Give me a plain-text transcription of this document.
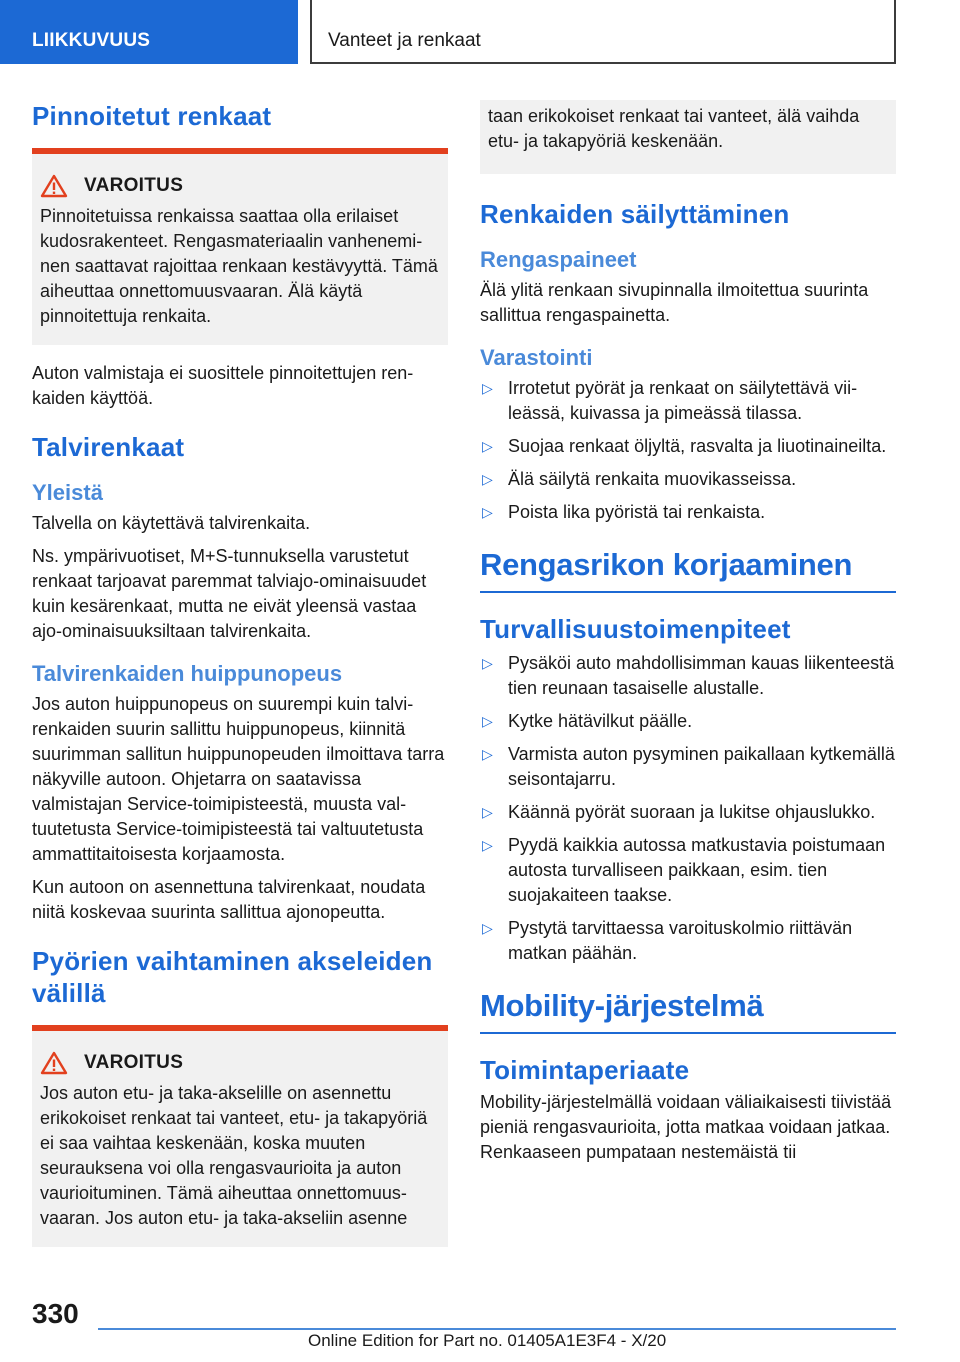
LIIKKUVUUS	Vanteet ja renkaat
Pinnoitetut renkaat
VAROITUS

Pinnoitetuissa renkaissa saattaa olla erilaiset kudosrakenteet. Rengasmateriaalin vanheneminen saattavat rajoittaa renkaan kestävyyttä. Tämä aiheuttaa onnettomuusvaaran. Älä käytä pinnoitettuja renkaita.

Auton valmistaja ei suosittele pinnoitettujen renkaiden käyttöä.

Talvirenkaat
Yleistä

Talvella on käytettävä talvirenkaita.

Ns. ympärivuotiset, M+S-tunnuksella varustetut renkaat tarjoavat paremmat talviajo-ominaisuudet kuin kesärenkaat, mutta ne eivät yleensä vastaa ajo-ominaisuuksiltaan talvirenkaita.

Talvirenkaiden huippunopeus

Jos auton huippunopeus on suurempi kuin talvirenkaiden suurin sallittu huippunopeus, kiinnitä suurimman sallitun huippunopeuden ilmoittava tarra näkyville autoon. Ohjetarra on saatavissa valmistajan Service-toimipisteestä, muusta valtuutetusta Service-toimipisteestä tai valtuutetusta ammattitaitoisesta korjaamosta.

Kun autoon on asennettuna talvirenkaat, noudata niitä koskevaa suurinta sallittua ajonopeutta.

Pyörien vaihtaminen akseleiden välillä
VAROITUS

Jos auton etu- ja taka-akselille on asennettu erikokoiset renkaat tai vanteet, etu- ja takapyöriä ei saa vaihtaa keskenään, koska muuten seurauksena voi olla rengasvaurioita ja auton vaurioituminen. Tämä aiheuttaa onnettomuusvaaran. Jos auton etu- ja taka-akseliin asenne

taan erikokoiset renkaat tai vanteet, älä vaihda etu- ja takapyöriä keskenään.

Renkaiden säilyttäminen
Rengaspaineet

Älä ylitä renkaan sivupinnalla ilmoitettua suurinta sallittua rengaspainetta.

Varastointi
▷ Irrotetut pyörät ja renkaat on säilytettävä viileässä, kuivassa ja pimeässä tilassa.
▷ Suojaa renkaat öljyltä, rasvalta ja liuotinaineilta.
▷ Älä säilytä renkaita muovikasseissa.
▷ Poista lika pyöristä tai renkaista.
Rengasrikon korjaaminen
Turvallisuustoimenpiteet
▷ Pysäköi auto mahdollisimman kauas liikenteestä tien reunaan tasaiselle alustalle.
▷ Kytke hätävilkut päälle.
▷ Varmista auton pysyminen paikallaan kytkemällä seisontajarru.
▷ Käännä pyörät suoraan ja lukitse ohjauslukko.
▷ Pyydä kaikkia autossa matkustavia poistumaan autosta turvalliseen paikkaan, esim. tien suojakaiteen taakse.
▷ Pystytä tarvittaessa varoituskolmio riittävän matkan päähän.
Mobility-järjestelmä
Toimintaperiaate

Mobility-järjestelmällä voidaan väliaikaisesti tiivistää pieniä rengasvaurioita, jotta matkaa voidaan jatkaa. Renkaaseen pumpataan nestemäistä tii

330
Online Edition for Part no. 01405A1E3F4 - X/20
